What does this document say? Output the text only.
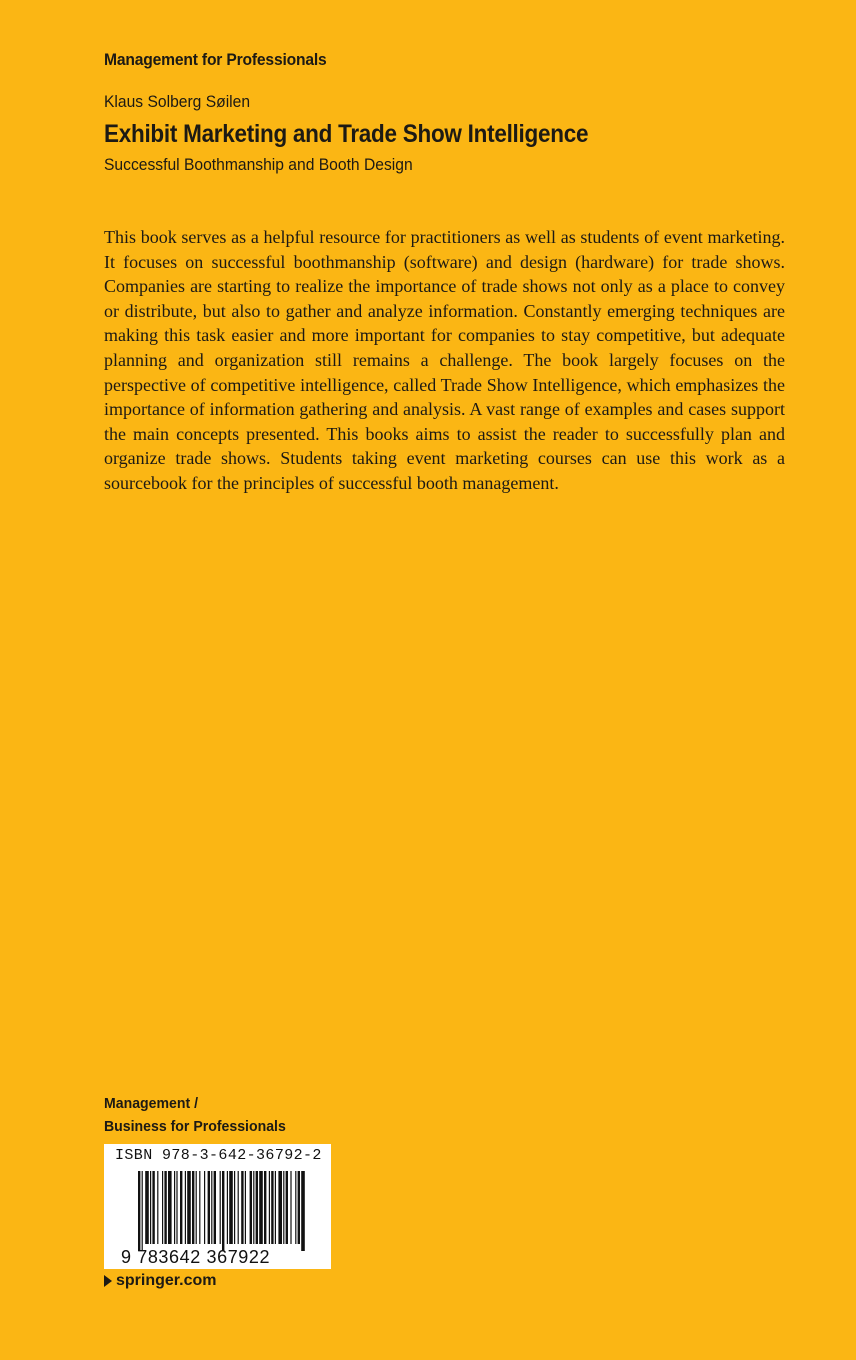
Management for Professionals
Klaus Solberg Søilen
Exhibit Marketing and Trade Show Intelligence
Successful Boothmanship and Booth Design

This book serves as a helpful resource for practitioners as well as students of event marketing. It focuses on successful boothmanship (software) and design (hardware) for trade shows. Companies are starting to realize the importance of trade shows not only as a place to convey or distribute, but also to gather and analyze information. Constantly emerging techniques are making this task easier and more important for companies to stay competitive, but adequate planning and organization still remains a challenge. The book largely focuses on the perspective of competitive intelligence, called Trade Show Intelligence, which emphasizes the importance of information gathering and analysis. A vast range of examples and cases support the main concepts presented. This books aims to assist the reader to successfully plan and organize trade shows. Students taking event marketing courses can use this work as a sourcebook for the principles of successful booth management.

Management /
Business for Professionals
ISBN 978-3-642-36792-2
9 783642 367922
springer.com
